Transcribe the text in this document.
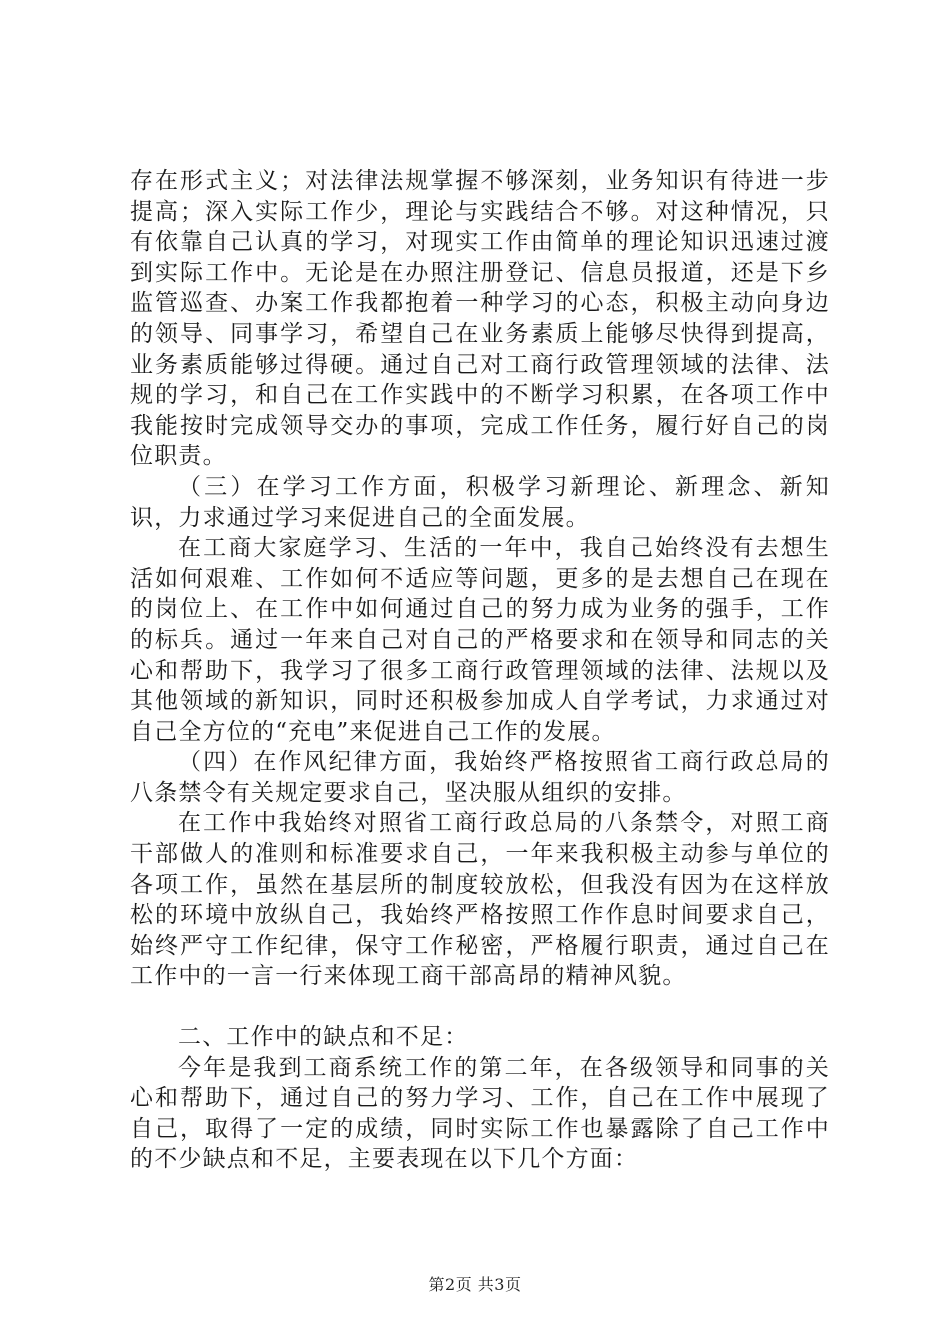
存在形式主义；对法律法规掌握不够深刻，业务知识有待进一步提高；深入实际工作少，理论与实践结合不够。对这种情况，只有依靠自己认真的学习，对现实工作由简单的理论知识迅速过渡到实际工作中。无论是在办照注册登记、信息员报道，还是下乡监管巡查、办案工作我都抱着一种学习的心态，积极主动向身边的领导、同事学习，希望自己在业务素质上能够尽快得到提高，业务素质能够过得硬。通过自己对工商行政管理领域的法律、法规的学习，和自己在工作实践中的不断学习积累，在各项工作中我能按时完成领导交办的事项，完成工作任务，履行好自己的岗位职责。

（三）在学习工作方面，积极学习新理论、新理念、新知识，力求通过学习来促进自己的全面发展。

在工商大家庭学习、生活的一年中，我自己始终没有去想生活如何艰难、工作如何不适应等问题，更多的是去想自己在现在的岗位上、在工作中如何通过自己的努力成为业务的强手，工作的标兵。通过一年来自己对自己的严格要求和在领导和同志的关心和帮助下，我学习了很多工商行政管理领域的法律、法规以及其他领域的新知识，同时还积极参加成人自学考试，力求通过对自己全方位的“充电”来促进自己工作的发展。

（四）在作风纪律方面，我始终严格按照省工商行政总局的八条禁令有关规定要求自己，坚决服从组织的安排。

在工作中我始终对照省工商行政总局的八条禁令，对照工商干部做人的准则和标准要求自己，一年来我积极主动参与单位的各项工作，虽然在基层所的制度较放松，但我没有因为在这样放松的环境中放纵自己，我始终严格按照工作作息时间要求自己，始终严守工作纪律，保守工作秘密，严格履行职责，通过自己在工作中的一言一行来体现工商干部高昂的精神风貌。

二、工作中的缺点和不足：

今年是我到工商系统工作的第二年，在各级领导和同事的关心和帮助下，通过自己的努力学习、工作，自己在工作中展现了自己，取得了一定的成绩，同时实际工作也暴露除了自己工作中的不少缺点和不足，主要表现在以下几个方面：

第2页 共3页
